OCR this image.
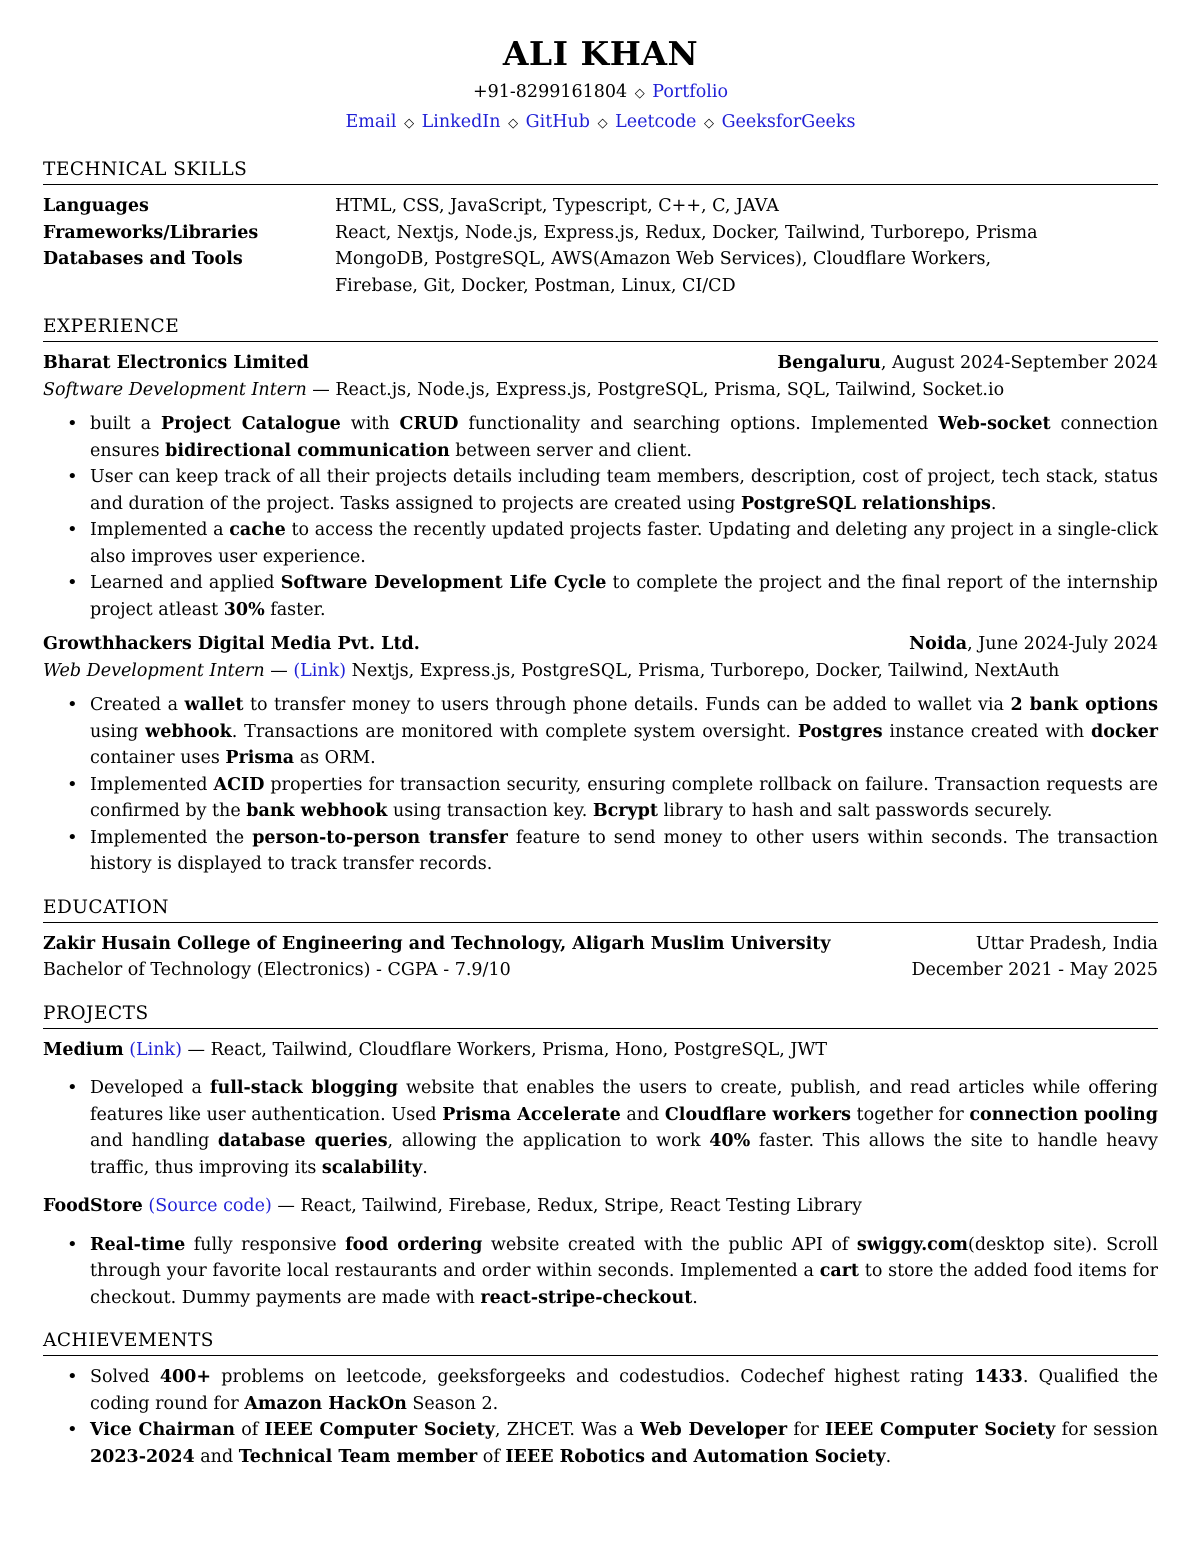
ALI KHAN
+91-8299161804 ◇ Portfolio
Email ◇ LinkedIn ◇ GitHub ◇ Leetcode ◇ GeeksforGeeks
TECHNICAL SKILLS
Languages	HTML, CSS, JavaScript, Typescript, C++, C, JAVA
Frameworks/Libraries	React, Nextjs, Node.js, Express.js, Redux, Docker, Tailwind, Turborepo, Prisma
Databases and Tools	MongoDB, PostgreSQL, AWS(Amazon Web Services), Cloudflare Workers,
Firebase, Git, Docker, Postman, Linux, CI/CD
EXPERIENCE
Bharat Electronics Limited	Bengaluru, August 2024-September 2024
Software Development Intern — React.js, Node.js, Express.js, PostgreSQL, Prisma, SQL, Tailwind, Socket.io
• built a Project Catalogue with CRUD functionality and searching options. Implemented Web-socket connection ensures bidirectional communication between server and client.
• User can keep track of all their projects details including team members, description, cost of project, tech stack, status and duration of the project. Tasks assigned to projects are created using PostgreSQL relationships.
• Implemented a cache to access the recently updated projects faster. Updating and deleting any project in a single-click also improves user experience.
• Learned and applied Software Development Life Cycle to complete the project and the final report of the internship project atleast 30% faster.
Growthhackers Digital Media Pvt. Ltd.	Noida, June 2024-July 2024
Web Development Intern — (Link) Nextjs, Express.js, PostgreSQL, Prisma, Turborepo, Docker, Tailwind, NextAuth
• Created a wallet to transfer money to users through phone details. Funds can be added to wallet via 2 bank options using webhook. Transactions are monitored with complete system oversight. Postgres instance created with docker container uses Prisma as ORM.
• Implemented ACID properties for transaction security, ensuring complete rollback on failure. Transaction requests are confirmed by the bank webhook using transaction key. Bcrypt library to hash and salt passwords securely.
• Implemented the person-to-person transfer feature to send money to other users within seconds. The transaction history is displayed to track transfer records.
EDUCATION
Zakir Husain College of Engineering and Technology, Aligarh Muslim University	Uttar Pradesh, India
Bachelor of Technology (Electronics) - CGPA - 7.9/10	December 2021 - May 2025
PROJECTS
Medium (Link) — React, Tailwind, Cloudflare Workers, Prisma, Hono, PostgreSQL, JWT
• Developed a full-stack blogging website that enables the users to create, publish, and read articles while offering features like user authentication. Used Prisma Accelerate and Cloudflare workers together for connection pooling and handling database queries, allowing the application to work 40% faster. This allows the site to handle heavy traffic, thus improving its scalability.
FoodStore (Source code) — React, Tailwind, Firebase, Redux, Stripe, React Testing Library
• Real-time fully responsive food ordering website created with the public API of swiggy.com(desktop site). Scroll through your favorite local restaurants and order within seconds. Implemented a cart to store the added food items for checkout. Dummy payments are made with react-stripe-checkout.
ACHIEVEMENTS
• Solved 400+ problems on leetcode, geeksforgeeks and codestudios. Codechef highest rating 1433. Qualified the coding round for Amazon HackOn Season 2.
• Vice Chairman of IEEE Computer Society, ZHCET. Was a Web Developer for IEEE Computer Society for session 2023-2024 and Technical Team member of IEEE Robotics and Automation Society.
